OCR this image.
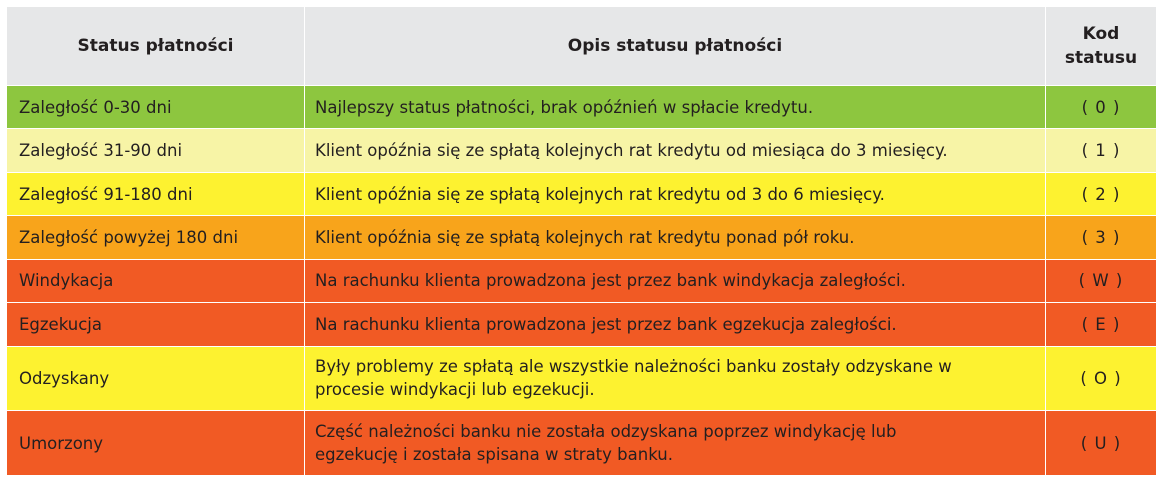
Status płatności	Opis statusu płatności	Kod
statusu
Zaległość 0-30 dni	Najlepszy status płatności, brak opóźnień w spłacie kredytu.	( 0 )
Zaległość 31-90 dni	Klient opóźnia się ze spłatą kolejnych rat kredytu od miesiąca do 3 miesięcy.	( 1 )
Zaległość 91-180 dni	Klient opóźnia się ze spłatą kolejnych rat kredytu od 3 do 6 miesięcy.	( 2 )
Zaległość powyżej 180 dni	Klient opóźnia się ze spłatą kolejnych rat kredytu ponad pół roku.	( 3 )
Windykacja	Na rachunku klienta prowadzona jest przez bank windykacja zaległości.	( W )
Egzekucja	Na rachunku klienta prowadzona jest przez bank egzekucja zaległości.	( E )
Odzyskany	Były problemy ze spłatą ale wszystkie należności banku zostały odzyskane w
procesie windykacji lub egzekucji.	( O )
Umorzony	Część należności banku nie została odzyskana poprzez windykację lub
egzekucję i została spisana w straty banku.	( U )
